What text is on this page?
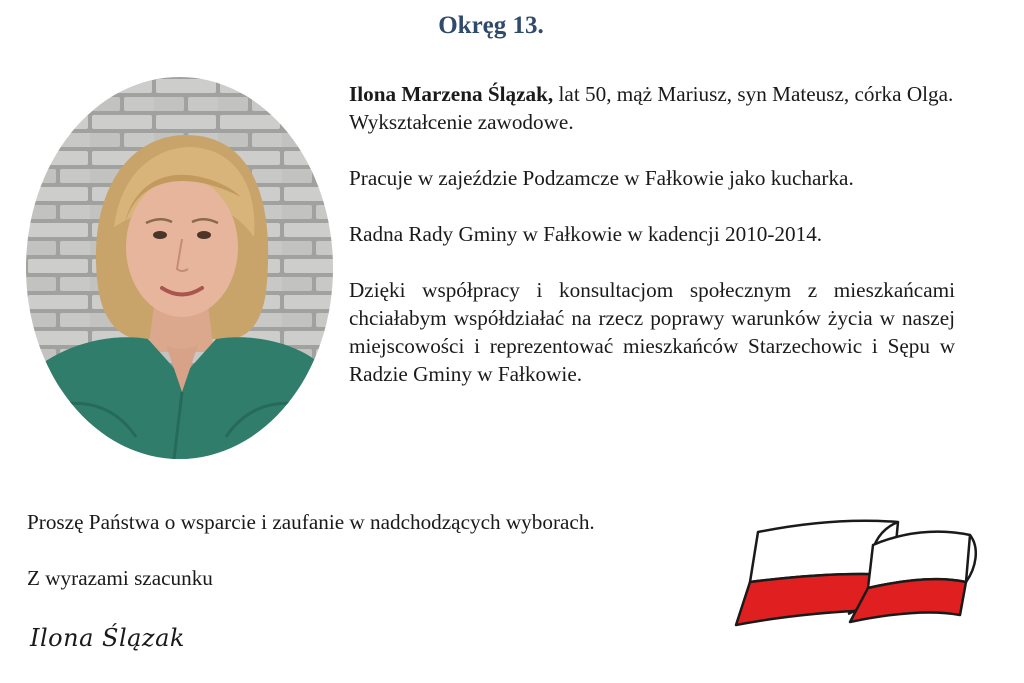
Okręg 13.

Ilona Marzena Ślązak, lat 50, mąż Mariusz, syn Mateusz, córka Olga. Wykształcenie zawodowe.

Pracuje w zajeździe Podzamcze w Fałkowie jako kucharka.

Radna Rady Gminy w Fałkowie w kadencji 2010-2014.

Dzięki współpracy i konsultacjom społecznym z mieszkańcami chciałabym współdziałać na rzecz poprawy warunków życia w naszej miejscowości i reprezentować mieszkańców Starzechowic i Sępu w Radzie Gminy w Fałkowie.

Proszę Państwa o wsparcie i zaufanie w nadchodzących wyborach.

Z wyrazami szacunku

Ilona Ślązak
